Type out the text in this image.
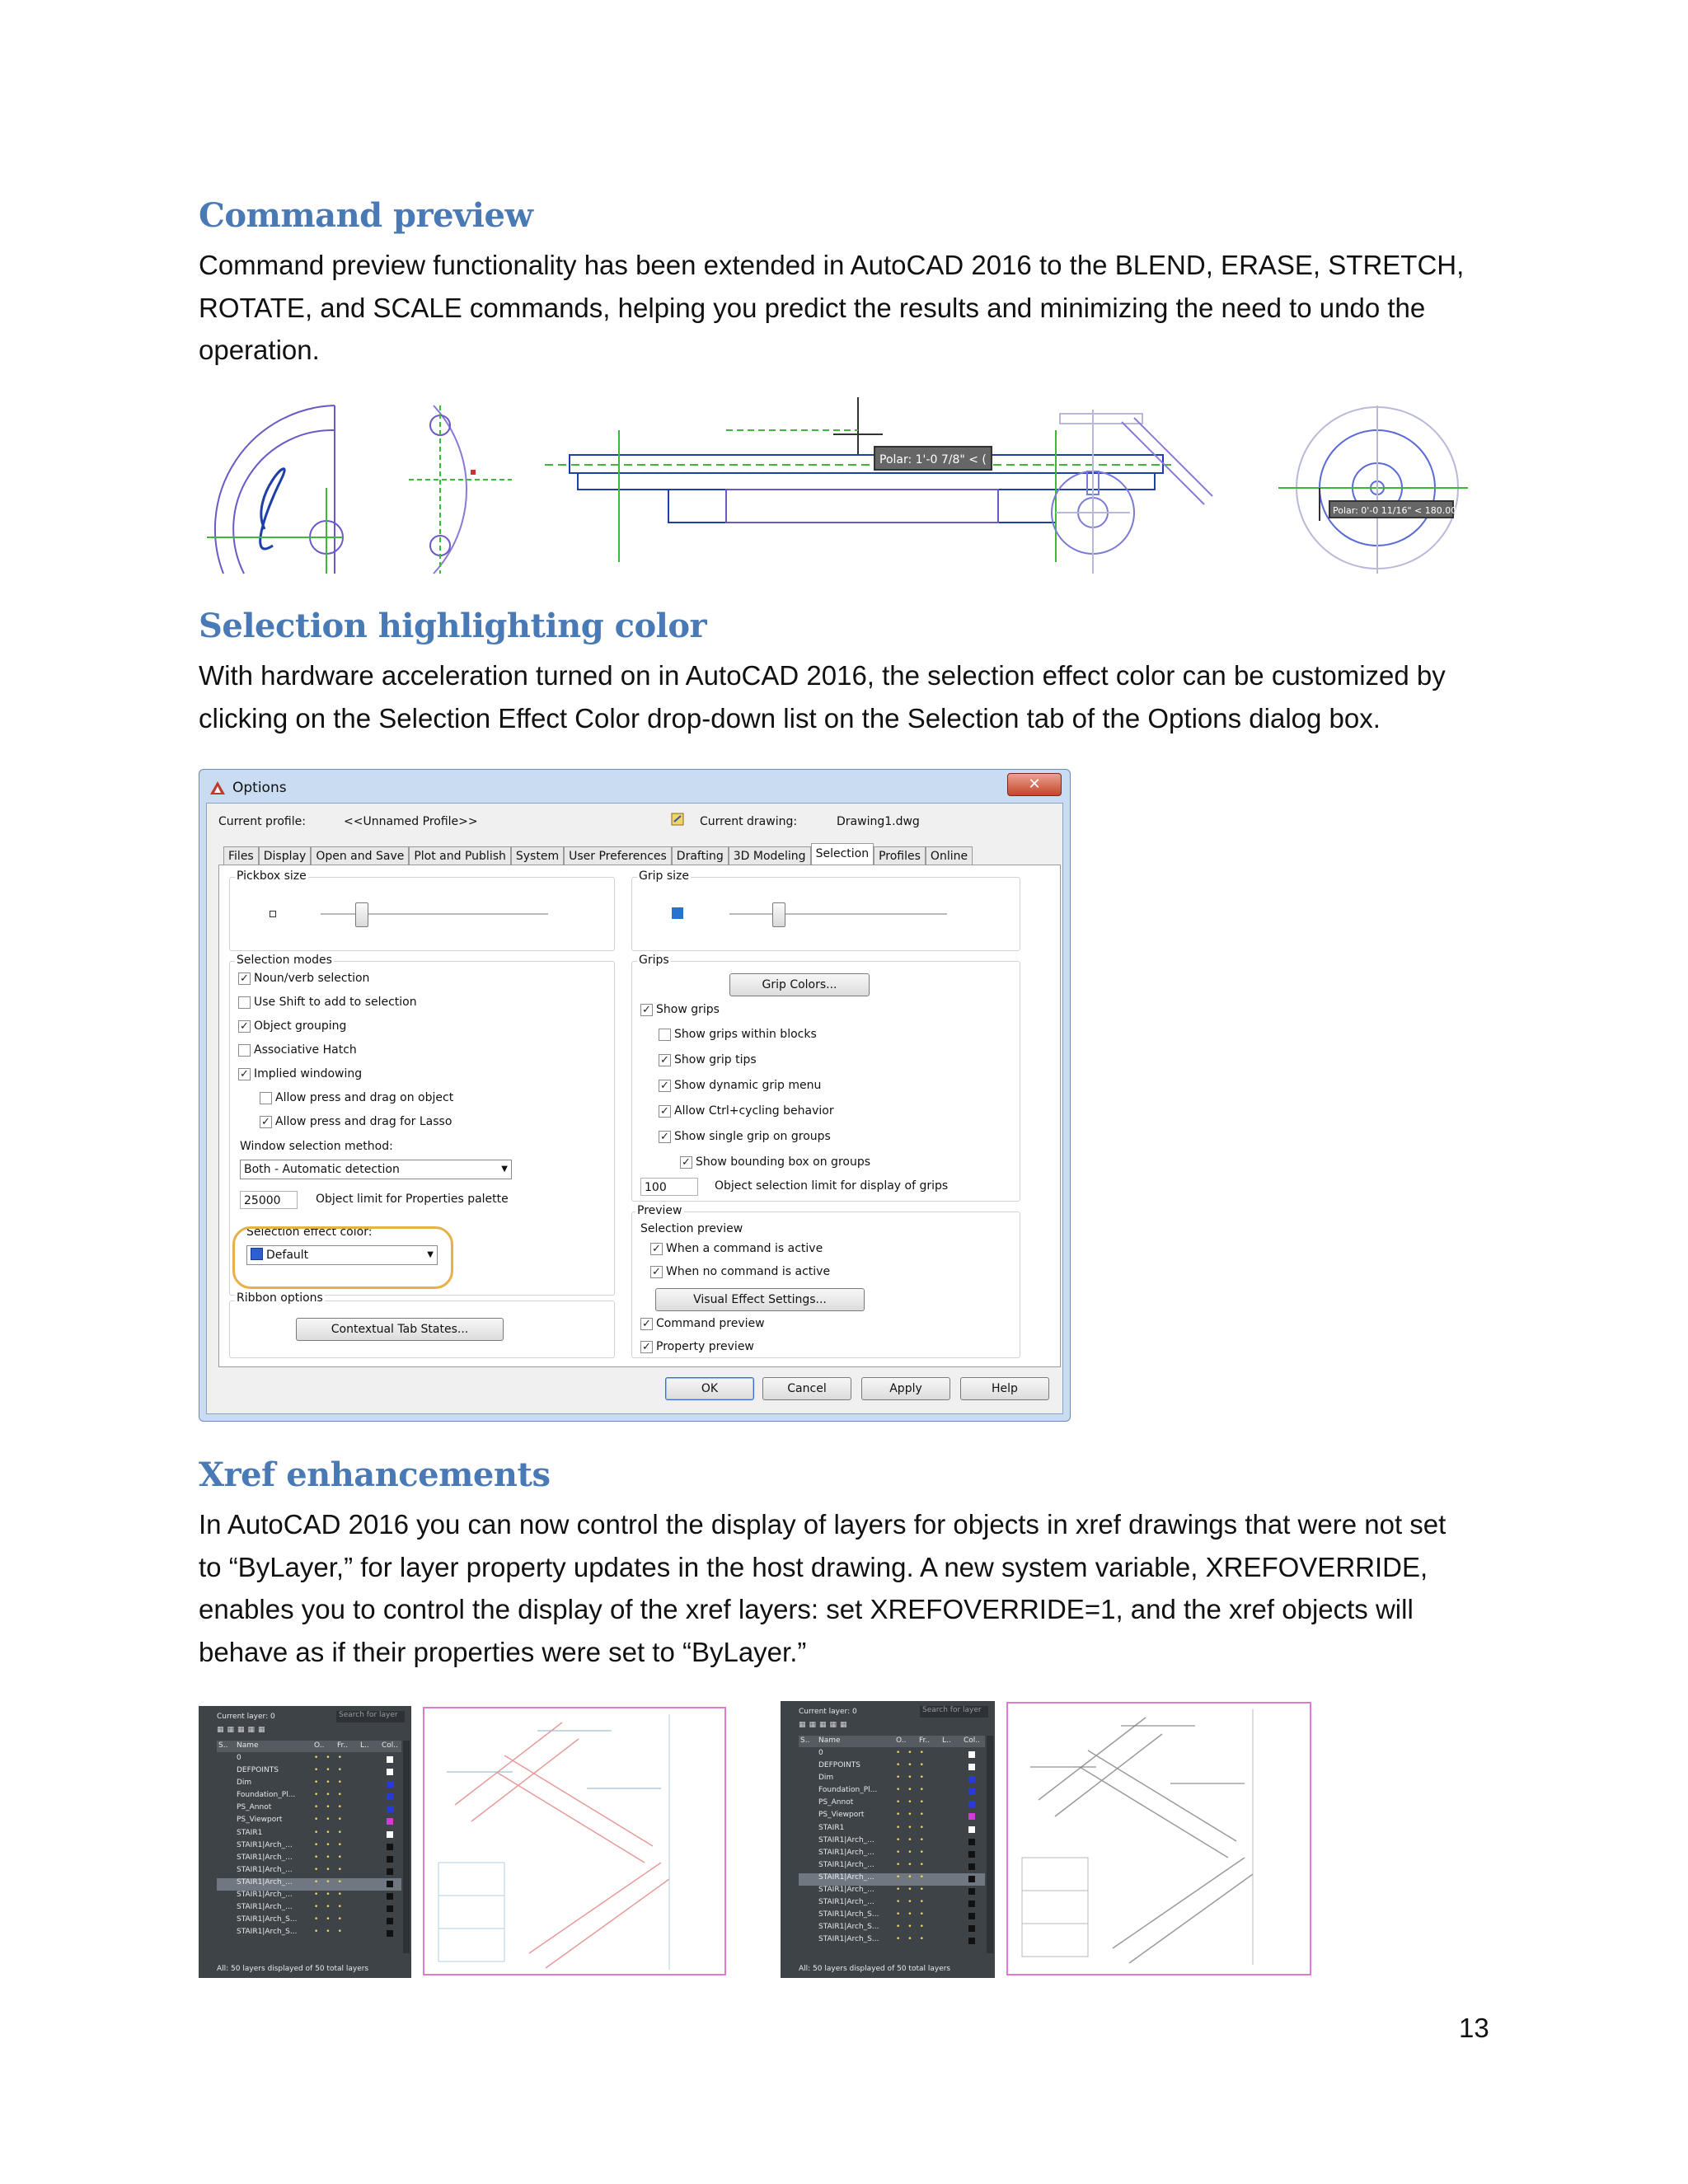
Command preview

Command preview functionality has been extended in AutoCAD 2016 to the BLEND, ERASE, STRETCH,
ROTATE, and SCALE commands, helping you predict the results and minimizing the need to undo the
operation.

Polar: 1'-0 7/8" < (
Polar: 0'-0 11/16" < 180.00°
Selection highlighting color

With hardware acceleration turned on in AutoCAD 2016, the selection effect color can be customized by
clicking on the Selection Effect Color drop-down list on the Selection tab of the Options dialog box.

Options	✕
Current profile:	<<Unnamed Profile>>	Current drawing:	Drawing1.dwg
Files Display Open and Save Plot and Publish System User Preferences Drafting 3D Modeling Selection Profiles Online
Pickbox size	Grip size
Selection modes
✓
Noun/verb selection
Use Shift to add to selection
✓
Object grouping
Associative Hatch
✓
Implied windowing
Allow press and drag on object
✓
Allow press and drag for Lasso
Window selection method:
Both - Automatic detection	▼
25000	Object limit for Properties palette
Selection effect color:
Default	▼
Ribbon options
Contextual Tab States...
Grips
Grip Colors...
✓
Show grips
Show grips within blocks
✓
Show grip tips
✓
Show dynamic grip menu
✓
Allow Ctrl+cycling behavior
✓
Show single grip on groups
✓
Show bounding box on groups
100	Object selection limit for display of grips
Preview
Selection preview
✓
When a command is active
✓
When no command is active
Visual Effect Settings...
✓
Command preview
✓
Property preview
OK	Cancel	Apply	Help
Xref enhancements

In AutoCAD 2016 you can now control the display of layers for objects in xref drawings that were not set
to “ByLayer,” for layer property updates in the host drawing. A new system variable, XREFOVERRIDE,
enables you to control the display of the xref layers: set XREFOVERRIDE=1, and the xref objects will
behave as if their properties were set to “ByLayer.”

Current layer: 0	Search for layer
▦▦▦▦▦
S.. Name	O.. Fr.. L.. Col..
0	•••
DEFPOINTS	•••
Dim	•••
Foundation_Pl...	•••
PS_Annot	•••
PS_Viewport	•••
STAIR1	•••
STAIR1|Arch_...	•••
STAIR1|Arch_...	•••
STAIR1|Arch_...	•••
STAIR1|Arch_...	•••
STAIR1|Arch_...	•••
STAIR1|Arch_...	•••
STAIR1|Arch_S... •••
STAIR1|Arch_S... •••
All: 50 layers displayed of 50 total layers
Current layer: 0	Search for layer
▦▦▦▦▦
S.. Name	O.. Fr.. L.. Col..
0	•••
DEFPOINTS	•••
Dim	•••
Foundation_Pl...	•••
PS_Annot	•••
PS_Viewport	•••
STAIR1	•••
STAIR1|Arch_...	•••
STAIR1|Arch_...	•••
STAIR1|Arch_...	•••
STAIR1|Arch_...	•••
STAIR1|Arch_...	•••
STAIR1|Arch_...	•••
STAIR1|Arch_S... •••
STAIR1|Arch_S... •••
STAIR1|Arch_S... •••
All: 50 layers displayed of 50 total layers
13
